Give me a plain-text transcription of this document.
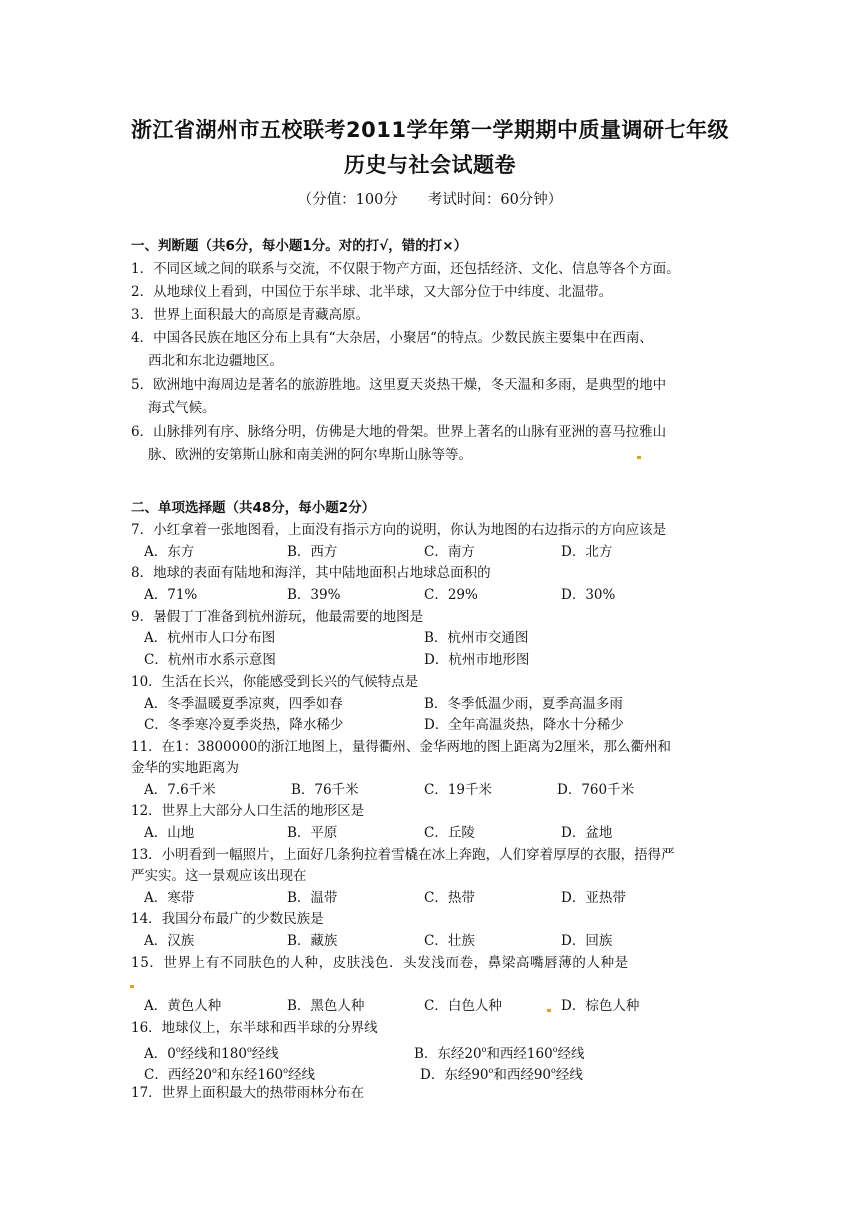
浙江省湖州市五校联考2011学年第一学期期中质量调研七年级
历史与社会试题卷
（分值：100分 考试时间：60分钟）
一、判断题（共6分，每小题1分。对的打√，错的打×）
1．不同区域之间的联系与交流，不仅限于物产方面，还包括经济、文化、信息等各个方面。
2．从地球仪上看到，中国位于东半球、北半球，又大部分位于中纬度、北温带。
3．世界上面积最大的高原是青藏高原。
4．中国各民族在地区分布上具有“大杂居，小聚居“的特点。少数民族主要集中在西南、
西北和东北边疆地区。
5．欧洲地中海周边是著名的旅游胜地。这里夏天炎热干燥，冬天温和多雨，是典型的地中
海式气候。
6．山脉排列有序、脉络分明，仿佛是大地的骨架。世界上著名的山脉有亚洲的喜马拉雅山
脉、欧洲的安第斯山脉和南美洲的阿尔卑斯山脉等等。
二、单项选择题（共48分，每小题2分）
7．小红拿着一张地图看，上面没有指示方向的说明，你认为地图的右边指示的方向应该是
A．东方	B．西方	C．南方	D．北方
8．地球的表面有陆地和海洋，其中陆地面积占地球总面积的
A．71%	B．39%	C．29%	D．30%
9．暑假丁丁准备到杭州游玩，他最需要的地图是
A．杭州市人口分布图	B．杭州市交通图
C．杭州市水系示意图	D．杭州市地形图
10．生活在长兴，你能感受到长兴的气候特点是
A．冬季温暖夏季凉爽，四季如春	B．冬季低温少雨，夏季高温多雨
C．冬季寒冷夏季炎热，降水稀少	D．全年高温炎热，降水十分稀少
11．在1：3800000的浙江地图上，量得衢州、金华两地的图上距离为2厘米，那么衢州和
金华的实地距离为
A．7.6千米	B．76千米	C．19千米	D．760千米
12．世界上大部分人口生活的地形区是
A．山地	B．平原	C．丘陵	D．盆地
13．小明看到一幅照片，上面好几条狗拉着雪橇在冰上奔跑，人们穿着厚厚的衣服，捂得严
严实实。这一景观应该出现在
A．寒带	B．温带	C．热带	D．亚热带
14．我国分布最广的少数民族是
A．汉族	B．藏族	C．壮族	D．回族
15．世界上有不同肤色的人种，皮肤浅色．头发浅而卷，鼻梁高嘴唇薄的人种是
A．黄色人种	B．黑色人种	C．白色人种	D．棕色人种
16．地球仪上，东半球和西半球的分界线
A．0$^o$经线和180$^o$经线	B．东经20$^o$和西经160$^o$经线
C．西经20$^o$和东经160$^o$经线	D．东经90$^o$和西经90$^o$经线
17．世界上面积最大的热带雨林分布在
